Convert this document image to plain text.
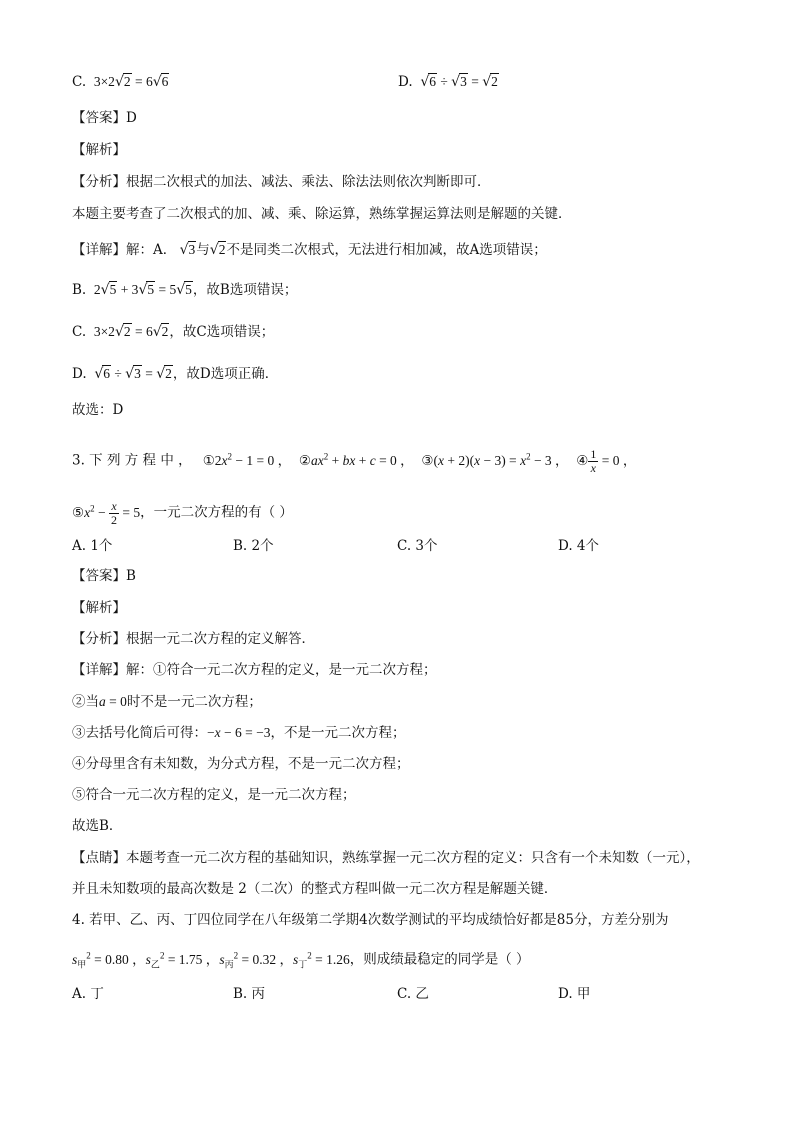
C.  3×2√2 = 6√6	D. √6 ÷ √3 = √2
【答案】D
【解析】
【分析】根据二次根式的加法、减法、乘法、除法法则依次判断即可．
本题主要考查了二次根式的加、减、乘、除运算，熟练掌握运算法则是解题的关键．
【详解】解：A． √3与√2不是同类二次根式，无法进行相加减，故A选项错误；
B.  2√5 + 3√5 = 5√5，故B选项错误；
C.  3×2√2 = 6√2，故C选项错误；
D. √6 ÷ √3 = √2，故D选项正确．
故选：D
3. 下 列 方 程 中 ，   $①2x^2 - 1 = 0$ ，  $②ax^2$ + bx + c = 0 ，  ③(x + $2)(x - 3) = x^2 - 3$ ，  ④ $\frac{1}{x} = 0$ ，
$⑤x^2 - \frac{x}{2} = 5$，一元二次方程的有（ ）
A. 1个	B. 2个	C. 3个	D. 4个
【答案】B
【解析】
【分析】根据一元二次方程的定义解答．
【详解】解：①符合一元二次方程的定义，是一元二次方程；
②当a = 0时不是一元二次方程；
③去括号化简后可得：−x − 6 = −3，不是一元二次方程；
④分母里含有未知数，为分式方程，不是一元二次方程；
⑤符合一元二次方程的定义，是一元二次方程；
故选B．
【点睛】本题考查一元二次方程的基础知识，熟练掌握一元二次方程的定义：只含有一个未知数（一元），
并且未知数项的最高次数是 2（二次）的整式方程叫做一元二次方程是解题关键．
4. 若甲、乙、丙、丁四位同学在八年级第二学期4次数学测试的平均成绩恰好都是85分，方差分别为
$s_甲^2 = 0.80$ ，$s_乙^2 = 1.75$ ，$s_丙^2 = 0.32$ ，$s_丁^2 = 1.26$，则成绩最稳定的同学是（ ）
A. 丁	B. 丙	C. 乙	D. 甲
